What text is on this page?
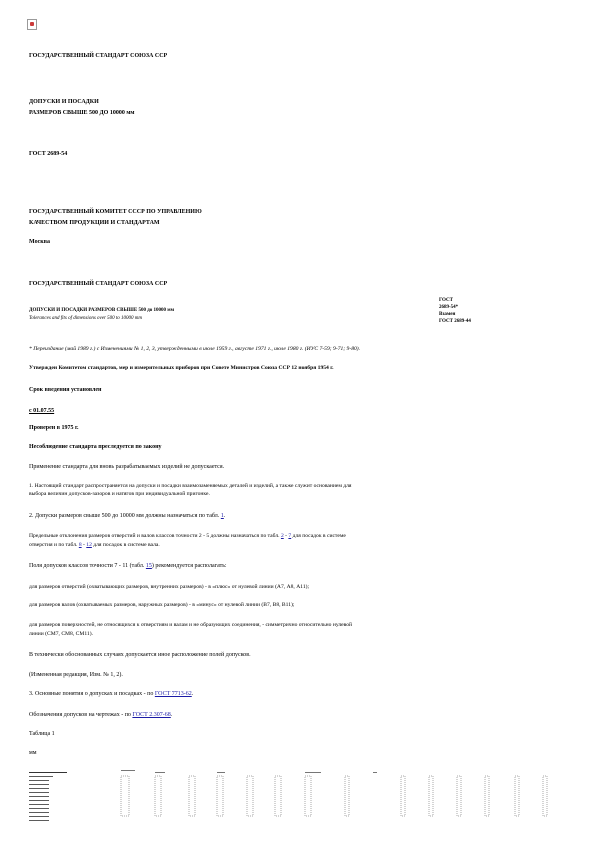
ГОСУДАРСТВЕННЫЙ СТАНДАРТ СОЮЗА ССР
ДОПУСКИ И ПОСАДКИ
РАЗМЕРОВ СВЫШЕ 500 ДО 10000 мм
ГОСТ 2689-54
ГОСУДАРСТВЕННЫЙ КОМИТЕТ СССР ПО УПРАВЛЕНИЮ
КАЧЕСТВОМ ПРОДУКЦИИ И СТАНДАРТАМ
Москва
ГОСУДАРСТВЕННЫЙ СТАНДАРТ СОЮЗА ССР
ДОПУСКИ И ПОСАДКИ РАЗМЕРОВ СВЫШЕ 500 до 10000 мм
Tolerances and fits of dimensions over 500 to 10000 mm
ГОСТ
2689-54*
Взамен
ГОСТ 2689-44
* Переиздание (май 1989 г.) с Изменениями № 1, 2, 3, утвержденными в июле 1959 г., августе 1971 г., июле 1980 г. (ИУС 7-59; 9-71; 9-80).
Утвержден Комитетом стандартов, мер и измерительных приборов при Совете Министров Союза ССР 12 ноября 1954 г.
Срок введения установлен
с 01.07.55
Проверен в 1975 г.
Несоблюдение стандарта преследуется по закону
Применение стандарта для вновь разрабатываемых изделий не допускается.
1. Настоящий стандарт распространяется на допуски и посадки взаимозаменяемых деталей и изделий, а также служит основанием для
выбора величин допусков-зазоров и натягов при индивидуальной пригонке.
2. Допуски размеров свыше 500 до 10000 мм должны назначаться по табл. 1.
Предельные отклонения размеров отверстий и валов классов точности 2 - 5 должны назначаться по табл. 2 - 7 для посадок в системе
отверстия и по табл. 8 - 12 для посадок в системе вала.
Поля допусков классов точности 7 - 11 (табл. 15) рекомендуется располагать:
для размеров отверстий (охватывающих размеров, внутренних размеров) - в «плюс» от нулевой линии (А7, А8, А11);
для размеров валов (охватываемых размеров, наружных размеров) - в «минус» от нулевой линии (В7, В8, В11);
для размеров поверхностей, не относящихся к отверстиям и валам и не образующих соединения, - симметрично относительно нулевой
линии (СМ7, СМ8, СМ11).
В технически обоснованных случаях допускается иное расположение полей допусков.
(Измененная редакция, Изм. № 1, 2).
3. Основные понятия о допусках и посадках - по ГОСТ 7713-62.
Обозначения допусков на чертежах - по ГОСТ 2.307-68.
Таблица 1
мм
